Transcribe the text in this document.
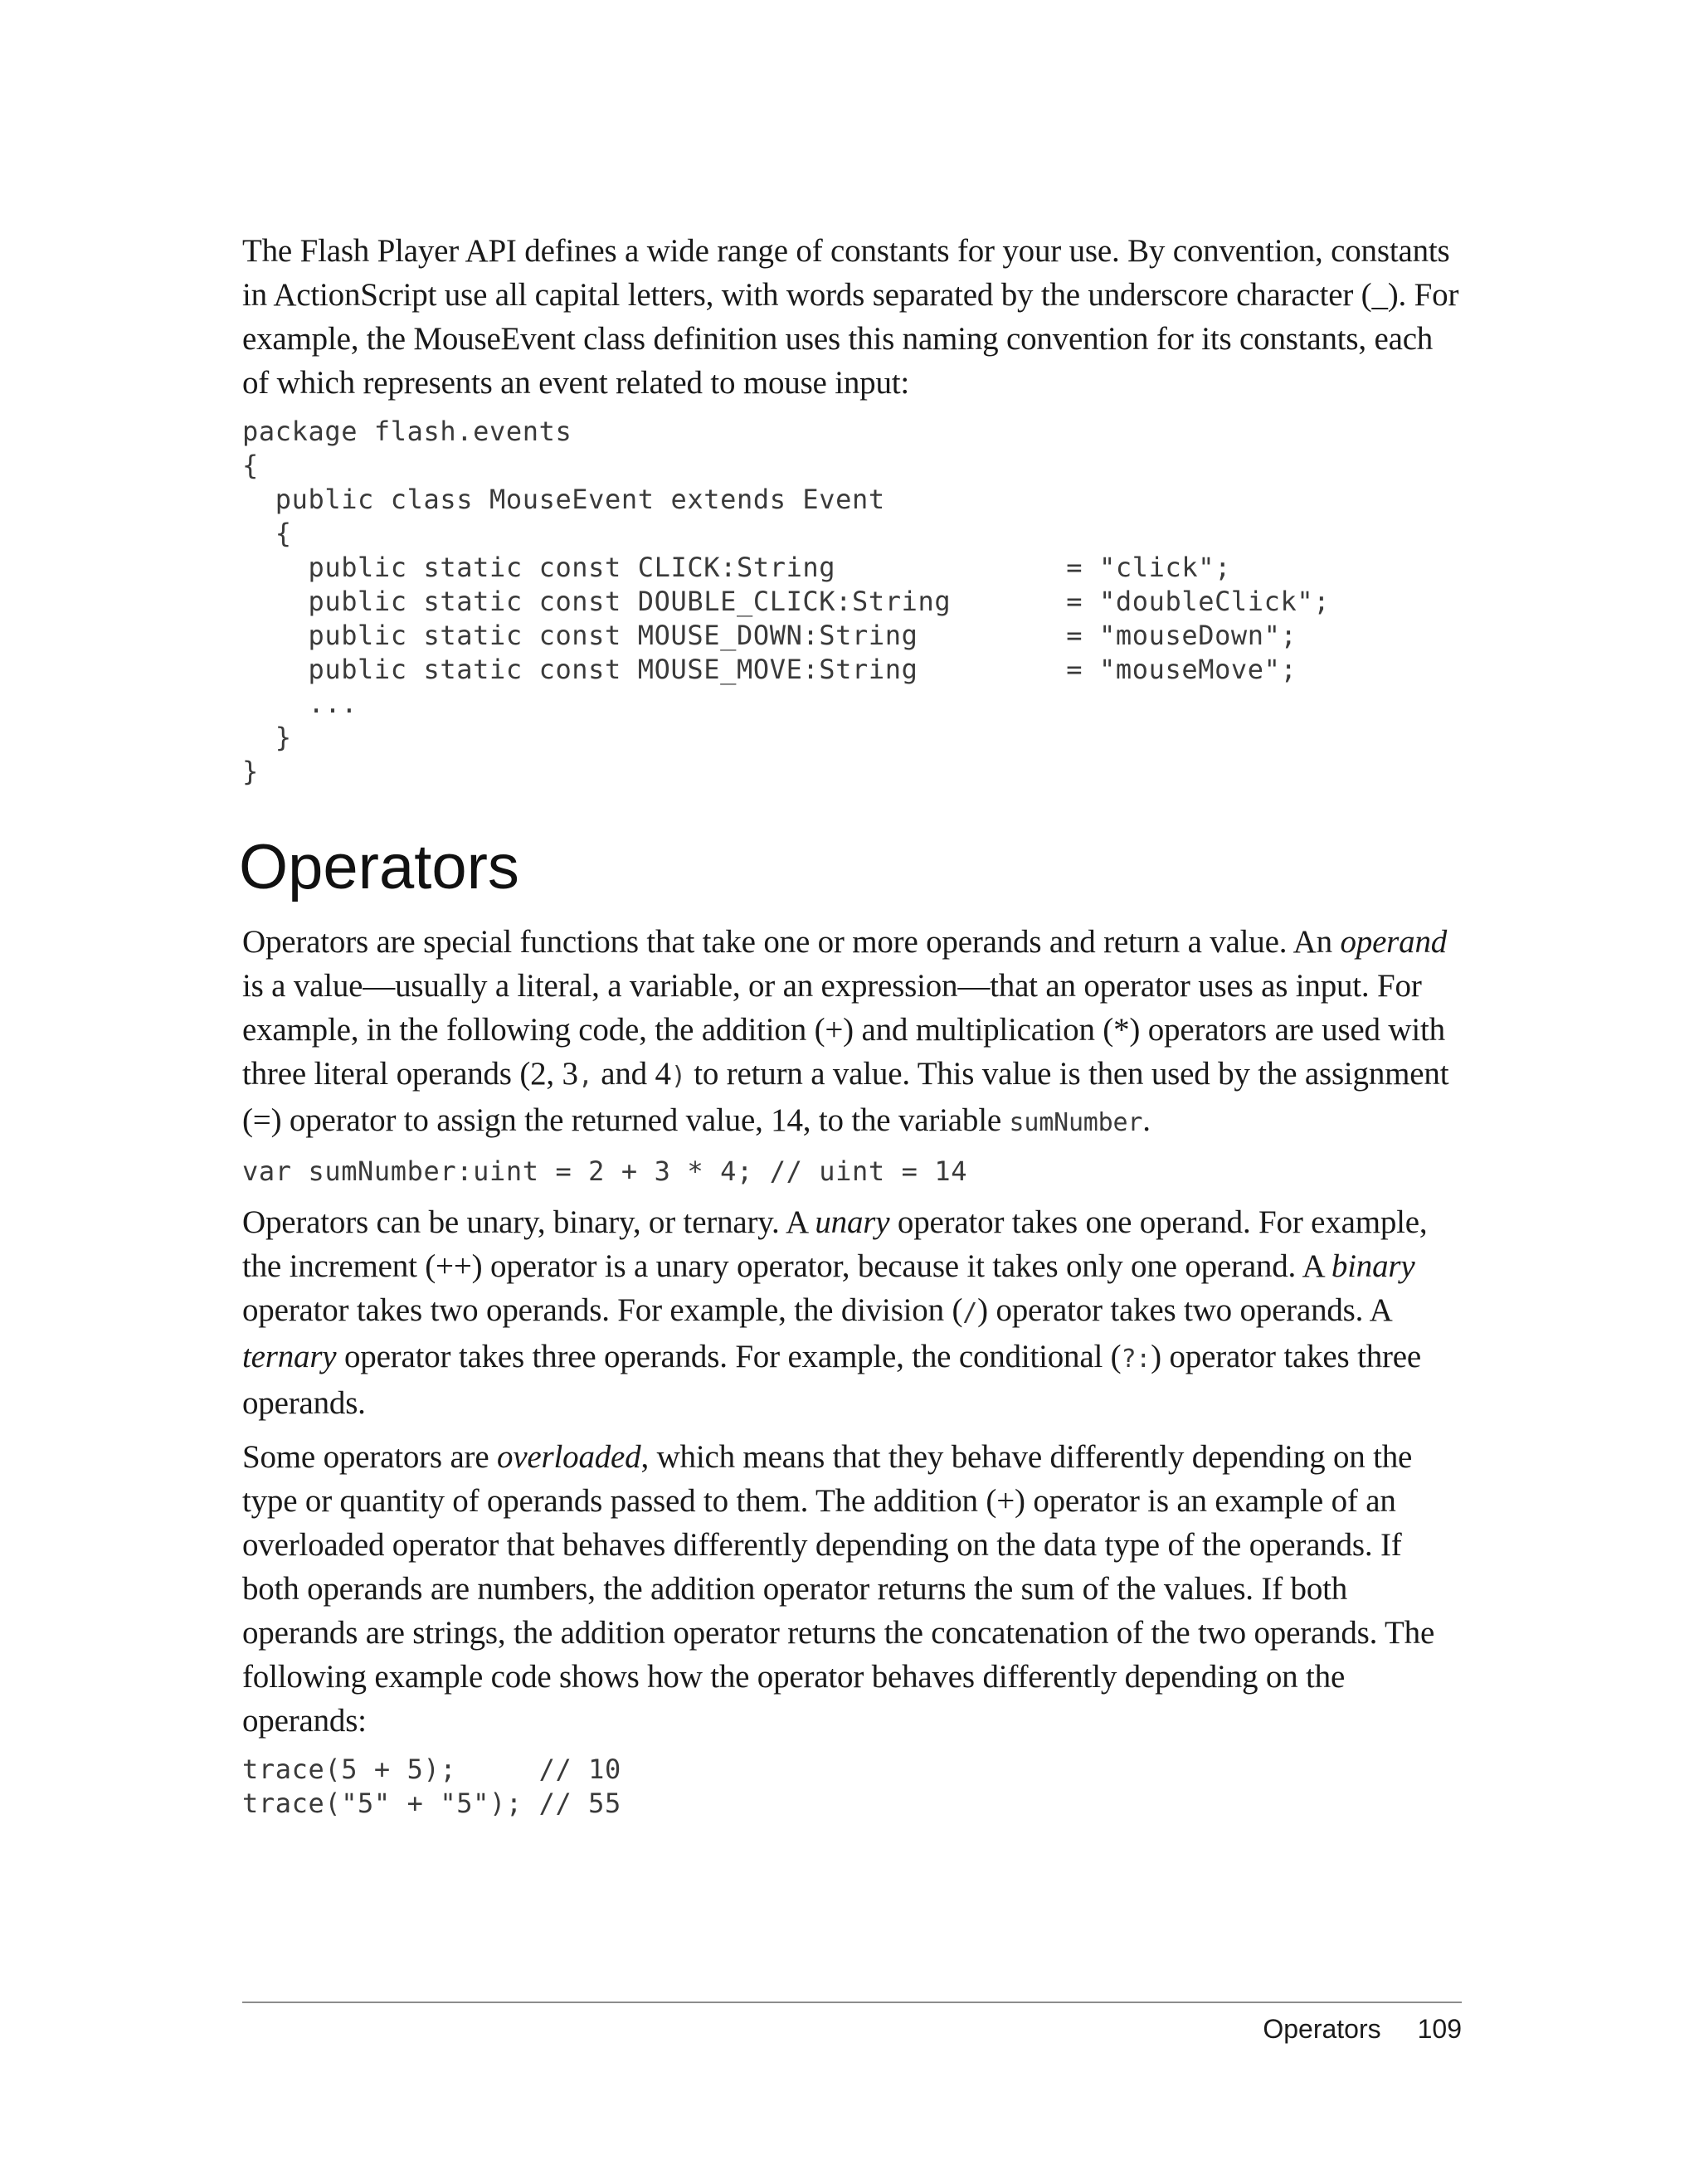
The Flash Player API defines a wide range of constants for your use. By convention, constants in ActionScript use all capital letters, with words separated by the underscore character (_). For example, the MouseEvent class definition uses this naming convention for its constants, each of which represents an event related to mouse input:

package flash.events
{
public class MouseEvent extends Event
{
public static const CLICK:String              = "click";
public static const DOUBLE_CLICK:String       = "doubleClick";
public static const MOUSE_DOWN:String         = "mouseDown";
public static const MOUSE_MOVE:String         = "mouseMove";
...
}
}
Operators

Operators are special functions that take one or more operands and return a value. An operand is a value—usually a literal, a variable, or an expression—that an operator uses as input. For example, in the following code, the addition (+) and multiplication (*) operators are used with three literal operands (2, 3, and 4) to return a value. This value is then used by the assignment (=) operator to assign the returned value, 14, to the variable sumNumber.

var sumNumber:uint = 2 + 3 * 4; // uint = 14

Operators can be unary, binary, or ternary. A unary operator takes one operand. For example, the increment (++) operator is a unary operator, because it takes only one operand. A binary operator takes two operands. For example, the division (/) operator takes two operands. A ternary operator takes three operands. For example, the conditional (?:) operator takes three operands.

Some operators are overloaded, which means that they behave differently depending on the type or quantity of operands passed to them. The addition (+) operator is an example of an overloaded operator that behaves differently depending on the data type of the operands. If both operands are numbers, the addition operator returns the sum of the values. If both operands are strings, the addition operator returns the concatenation of the two operands. The following example code shows how the operator behaves differently depending on the operands:

trace(5 + 5);     // 10
trace("5" + "5"); // 55
Operators 109
